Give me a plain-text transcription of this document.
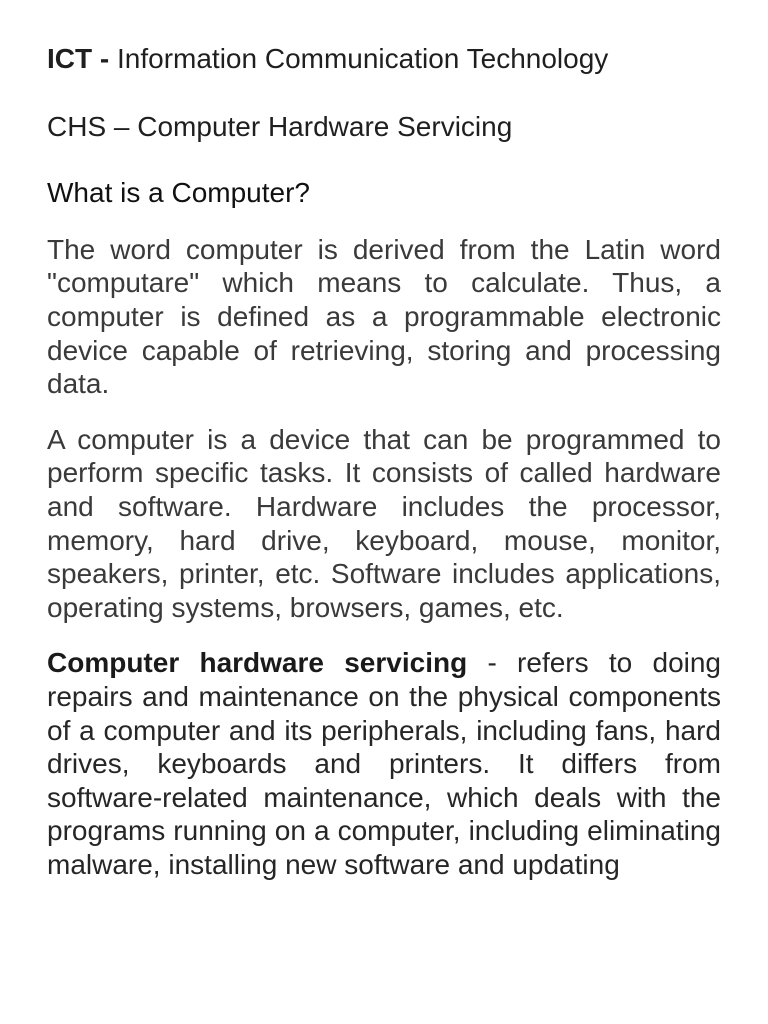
ICT - Information Communication Technology

CHS – Computer Hardware Servicing

What is a Computer?

The word computer is derived from the Latin word "computare" which means to calculate. Thus, a computer is defined as a programmable electronic device capable of retrieving, storing and processing data.

A computer is a device that can be programmed to perform specific tasks. It consists of called hardware and software. Hardware includes the processor, memory, hard drive, keyboard, mouse, monitor, speakers, printer, etc. Software includes applications, operating systems, browsers, games, etc.

Computer hardware servicing - refers to doing repairs and maintenance on the physical components of a computer and its peripherals, including fans, hard drives, keyboards and printers. It differs from software-related maintenance, which deals with the programs running on a computer, including eliminating malware, installing new software and updating
